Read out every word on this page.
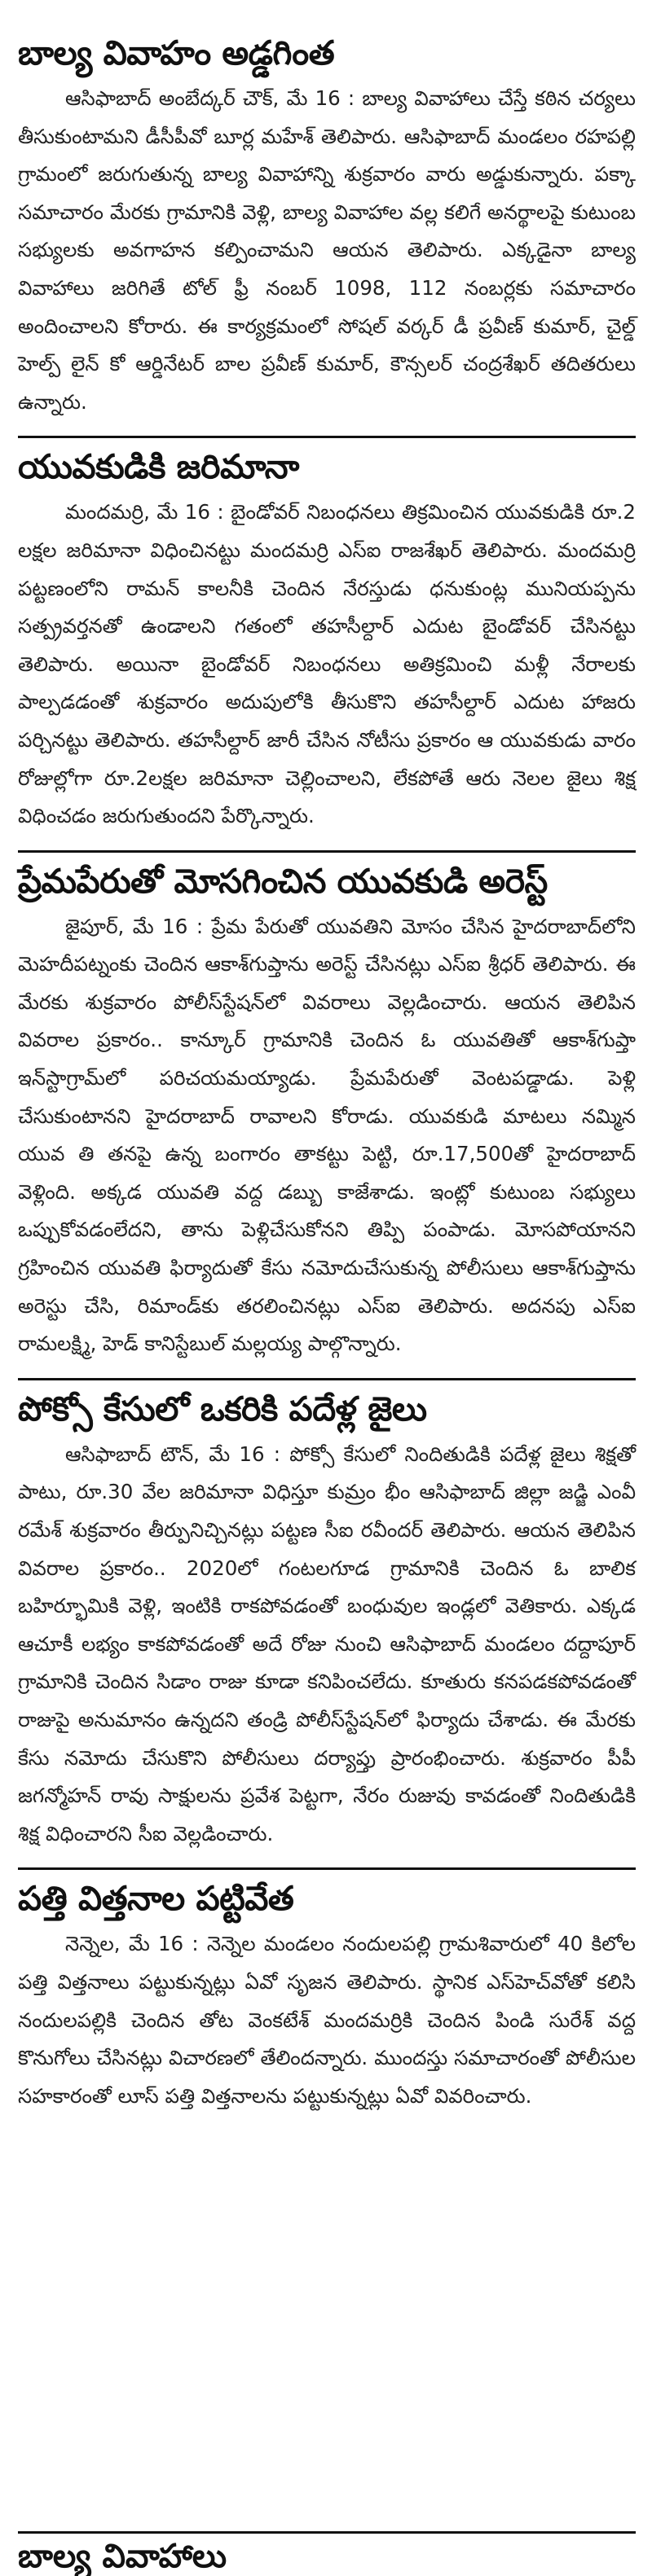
బాల్య వివాహం అడ్డగింత

ఆసిఫాబాద్ అంబేద్కర్ చౌక్, మే 16 : బాల్య వివాహాలు చేస్తే కఠిన చర్యలు తీసుకుంటామని డీసీపీవో బూర్ల మహేశ్ తెలిపారు. ఆసిఫాబాద్ మండలం రహపల్లి గ్రామంలో జరుగుతున్న బాల్య వివాహాన్ని శుక్రవారం వారు అడ్డుకున్నారు. పక్కా సమాచారం మేరకు గ్రామానికి వెళ్లి, బాల్య వివాహాల వల్ల కలిగే అనర్థాలపై కుటుంబ సభ్యులకు అవగాహన కల్పించామని ఆయన తెలిపారు. ఎక్కడైనా బాల్య వివాహాలు జరిగితే టోల్ ఫ్రీ నంబర్ 1098, 112 నంబర్లకు సమాచారం అందించాలని కోరారు. ఈ కార్యక్రమంలో సోషల్ వర్కర్ డీ ప్రవీణ్ కుమార్, చైల్డ్ హెల్ప్ లైన్ కో ఆర్డినేటర్ బాల ప్రవీణ్ కుమార్, కౌన్సలర్ చంద్రశేఖర్ తదితరులు ఉన్నారు.

యువకుడికి జరిమానా

మందమర్రి, మే 16 : బైండోవర్ నిబంధనలు తిక్రమించిన యువకుడికి రూ.2 లక్షల జరిమానా విధించినట్టు మందమర్రి ఎస్ఐ రాజశేఖర్ తెలిపారు. మందమర్రి పట్టణంలోని రామన్ కాలనీకి చెందిన నేరస్తుడు ధనుకుంట్ల మునియప్పను సత్ప్రవర్తనతో ఉండాలని గతంలో తహసీల్దార్ ఎదుట బైండోవర్ చేసినట్టు తెలిపారు. అయినా బైండోవర్ నిబంధనలు అతిక్రమించి మళ్లీ నేరాలకు పాల్పడడంతో శుక్రవారం అదుపులోకి తీసుకొని తహసీల్దార్ ఎదుట హాజరు పర్చినట్టు తెలిపారు. తహసీల్దార్ జారీ చేసిన నోటీసు ప్రకారం ఆ యువకుడు వారం రోజుల్లోగా రూ.2లక్షల జరిమానా చెల్లించాలని, లేకపోతే ఆరు నెలల జైలు శిక్ష విధించడం జరుగుతుందని పేర్కొన్నారు.

ప్రేమపేరుతో మోసగించిన యువకుడి అరెస్ట్

జైపూర్, మే 16 : ప్రేమ పేరుతో యువతిని మోసం చేసిన హైదరాబాద్‌లోని మెహదీపట్నంకు చెందిన ఆకాశ్‌గుప్తాను అరెస్ట్ చేసినట్లు ఎస్ఐ శ్రీధర్ తెలిపారు. ఈ మేరకు శుక్రవారం పోలీస్‌స్టేషన్‌లో వివరాలు వెల్లడించారు. ఆయన తెలిపిన వివరాల ప్రకారం.. కాన్కూర్ గ్రామానికి చెందిన ఓ యువతితో ఆకాశ్‌గుప్తా ఇన్‌స్టాగ్రామ్‌లో పరిచయమయ్యాడు. ప్రేమపేరుతో వెంటపడ్డాడు. పెళ్లి చేసుకుంటానని హైదరాబాద్ రావాలని కోరాడు. యువకుడి మాటలు నమ్మిన యువ తి తనపై ఉన్న బంగారం తాకట్టు పెట్టి, రూ.17,500తో హైదరాబాద్ వెళ్లింది. అక్కడ యువతి వద్ద డబ్బు కాజేశాడు. ఇంట్లో కుటుంబ సభ్యులు ఒప్పుకోవడంలేదని, తాను పెళ్లిచేసుకోనని తిప్పి పంపాడు. మోసపోయానని గ్రహించిన యువతి ఫిర్యాదుతో కేసు నమోదుచేసుకున్న పోలీసులు ఆకాశ్‌గుప్తాను అరెస్టు చేసి, రిమాండ్‌కు తరలించినట్లు ఎస్ఐ తెలిపారు. అదనపు ఎస్ఐ రామలక్ష్మి, హెడ్ కానిస్టేబుల్ మల్లయ్య పాల్గొన్నారు.

పోక్సో కేసులో ఒకరికి పదేళ్ల జైలు

ఆసిఫాబాద్ టౌన్, మే 16 : పోక్సో కేసులో నిందితుడికి పదేళ్ల జైలు శిక్షతో పాటు, రూ.30 వేల జరిమానా విధిస్తూ కుమ్రం భీం ఆసిఫాబాద్ జిల్లా జడ్జి ఎంవీ రమేశ్ శుక్రవారం తీర్పునిచ్చినట్లు పట్టణ సీఐ రవీందర్ తెలిపారు. ఆయన తెలిపిన వివరాల ప్రకారం.. 2020లో గంటలగూడ గ్రామానికి చెందిన ఓ బాలిక బహిర్భూమికి వెళ్లి, ఇంటికి రాకపోవడంతో బంధువుల ఇండ్లలో వెతికారు. ఎక్కడ ఆచూకీ లభ్యం కాకపోవడంతో అదే రోజు నుంచి ఆసిఫాబాద్ మండలం దద్దాపూర్ గ్రామానికి చెందిన సిడాం రాజు కూడా కనిపించలేదు. కూతురు కనపడకపోవడంతో రాజుపై అనుమానం ఉన్నదని తండ్రి పోలీస్‌స్టేషన్‌లో ఫిర్యాదు చేశాడు. ఈ మేరకు కేసు నమోదు చేసుకొని పోలీసులు దర్యాప్తు ప్రారంభించారు. శుక్రవారం పీపీ జగన్మోహన్ రావు సాక్షులను ప్రవేశ పెట్టగా, నేరం రుజువు కావడంతో నిందితుడికి శిక్ష విధించారని సీఐ వెల్లడించారు.

పత్తి విత్తనాల పట్టివేత

నెన్నెల, మే 16 : నెన్నెల మండలం నందులపల్లి గ్రామశివారులో 40 కిలోల పత్తి విత్తనాలు పట్టుకున్నట్లు ఏవో సృజన తెలిపారు. స్థానిక ఎస్‌హెచ్‌వోతో కలిసి నందులపల్లికి చెందిన తోట వెంకటేశ్ మందమర్రికి చెందిన పిండి సురేశ్ వద్ద కొనుగోలు చేసినట్లు విచారణలో తేలిందన్నారు. ముందస్తు సమాచారంతో పోలీసుల సహకారంతో లూస్ పత్తి విత్తనాలను పట్టుకున్నట్లు ఏవో వివరించారు.

బాల్య వివాహాలు
